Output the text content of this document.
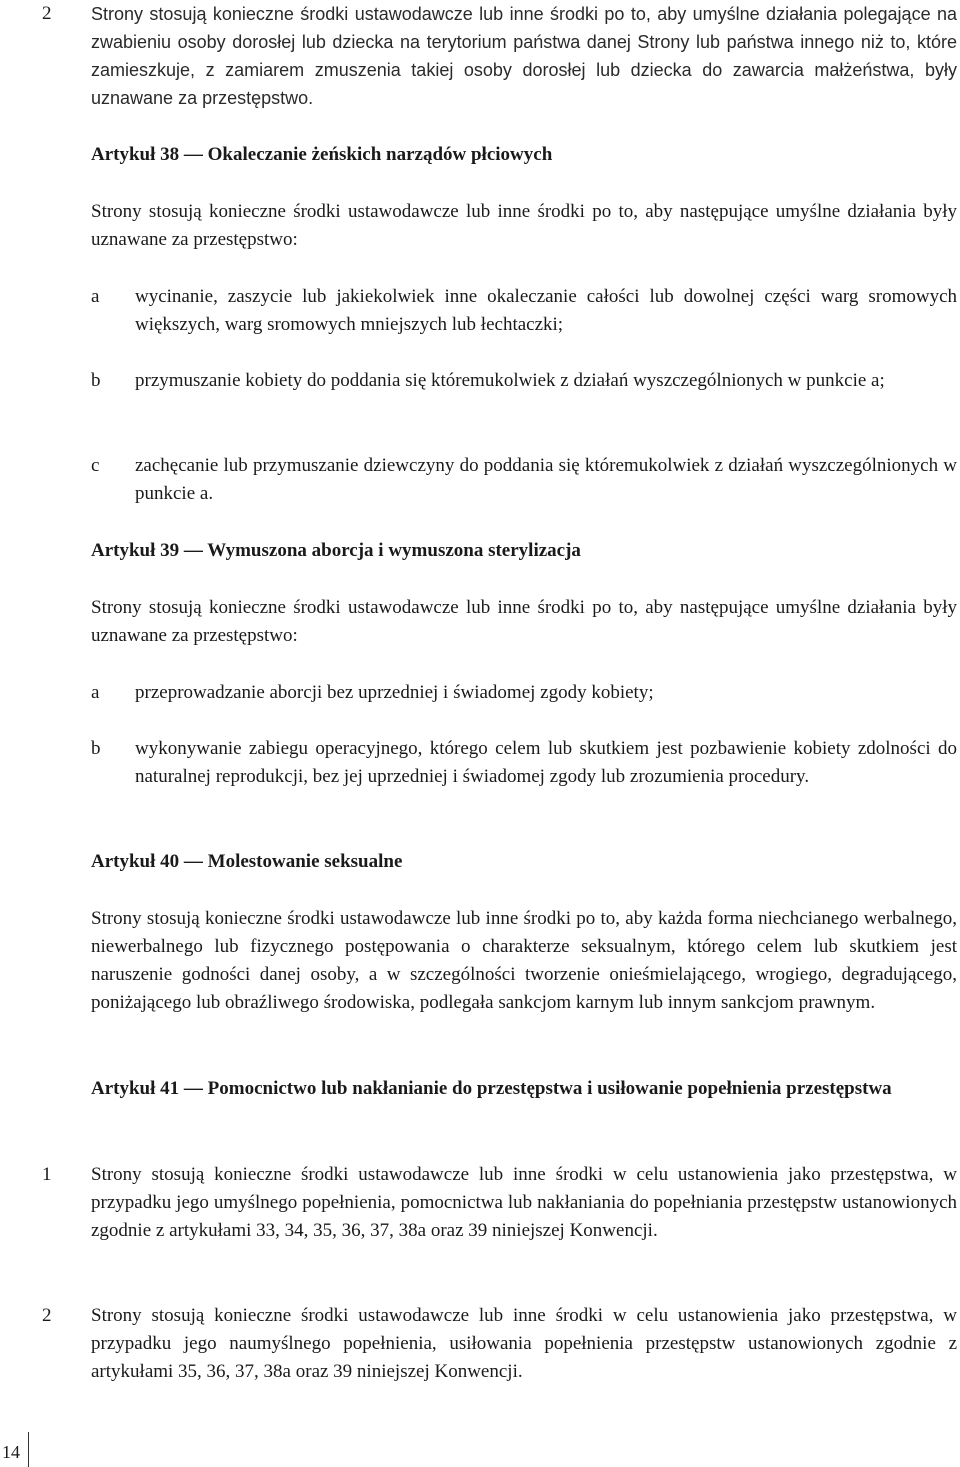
2 Strony stosują konieczne środki ustawodawcze lub inne środki po to, aby umyślne działania polegające na zwabieniu osoby dorosłej lub dziecka na terytorium państwa danej Strony lub państwa innego niż to, które zamieszkuje, z zamiarem zmuszenia takiej osoby dorosłej lub dziecka do zawarcia małżeństwa, były uznawane za przestępstwo.

Artykuł 38 — Okaleczanie żeńskich narządów płciowych

Strony stosują konieczne środki ustawodawcze lub inne środki po to, aby następujące umyślne działania były uznawane za przestępstwo:

a wycinanie, zaszycie lub jakiekolwiek inne okaleczanie całości lub dowolnej części warg sromowych większych, warg sromowych mniejszych lub łechtaczki;

b przymuszanie kobiety do poddania się któremukolwiek z działań wyszczególnionych w punkcie a;

c zachęcanie lub przymuszanie dziewczyny do poddania się któremukolwiek z działań wyszczególnionych w punkcie a.

Artykuł 39 — Wymuszona aborcja i wymuszona sterylizacja

Strony stosują konieczne środki ustawodawcze lub inne środki po to, aby następujące umyślne działania były uznawane za przestępstwo:

a przeprowadzanie aborcji bez uprzedniej i świadomej zgody kobiety;

b wykonywanie zabiegu operacyjnego, którego celem lub skutkiem jest pozbawienie kobiety zdolności do naturalnej reprodukcji, bez jej uprzedniej i świadomej zgody lub zrozumienia procedury.

Artykuł 40 — Molestowanie seksualne

Strony stosują konieczne środki ustawodawcze lub inne środki po to, aby każda forma niechcianego werbalnego, niewerbalnego lub fizycznego postępowania o charakterze seksualnym, którego celem lub skutkiem jest naruszenie godności danej osoby, a w szczególności tworzenie onieśmielającego, wrogiego, degradującego, poniżającego lub obraźliwego środowiska, podlegała sankcjom karnym lub innym sankcjom prawnym.

Artykuł 41 — Pomocnictwo lub nakłanianie do przestępstwa i usiłowanie popełnienia przestępstwa
1 Strony stosują konieczne środki ustawodawcze lub inne środki w celu ustanowienia jako przestępstwa, w przypadku jego umyślnego popełnienia, pomocnictwa lub nakłaniania do popełniania przestępstw ustanowionych zgodnie z artykułami 33, 34, 35, 36, 37, 38a oraz 39 niniejszej Konwencji.

2 Strony stosują konieczne środki ustawodawcze lub inne środki w celu ustanowienia jako przestępstwa, w przypadku jego naumyślnego popełnienia, usiłowania popełnienia przestępstw ustanowionych zgodnie z artykułami 35, 36, 37, 38a oraz 39 niniejszej Konwencji.

14
